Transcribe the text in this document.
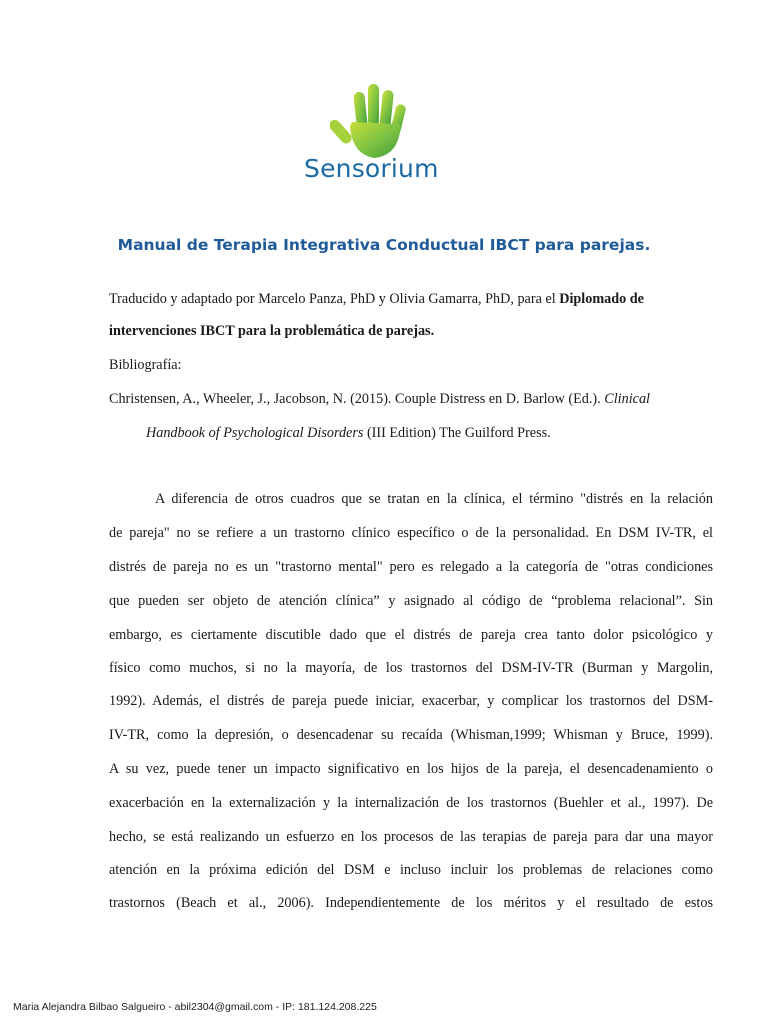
Sensorium
Manual de Terapia Integrativa Conductual IBCT para parejas.
Traducido y adaptado por Marcelo Panza, PhD y Olivia Gamarra, PhD, para el Diplomado de
intervenciones IBCT para la problemática de parejas.
Bibliografía:
Christensen, A., Wheeler, J., Jacobson, N. (2015). Couple Distress en D. Barlow (Ed.). Clinical
Handbook of Psychological Disorders (III Edition) The Guilford Press.
A diferencia de otros cuadros que se tratan en la clínica, el término "distrés en la relación
de pareja" no se refiere a un trastorno clínico específico o de la personalidad. En DSM IV-TR, el
distrés de pareja no es un "trastorno mental" pero es relegado a la categoría de "otras condiciones
que pueden ser objeto de atención clínica” y asignado al código de “problema relacional”. Sin
embargo, es ciertamente discutible dado que el distrés de pareja crea tanto dolor psicológico y
físico como muchos, si no la mayoría, de los trastornos del DSM-IV-TR (Burman y Margolin,
1992). Además, el distrés de pareja puede iniciar, exacerbar, y complicar los trastornos del DSM-
IV-TR, como la depresión, o desencadenar su recaída (Whisman,1999; Whisman y Bruce, 1999).
A su vez, puede tener un impacto significativo en los hijos de la pareja, el desencadenamiento o
exacerbación en la externalización y la internalización de los trastornos (Buehler et al., 1997). De
hecho, se está realizando un esfuerzo en los procesos de las terapias de pareja para dar una mayor
atención en la próxima edición del DSM e incluso incluir los problemas de relaciones como
trastornos (Beach et al., 2006). Independientemente de los méritos y el resultado de estos
Maria Alejandra Bilbao Salgueiro - abil2304@gmail.com - IP: 181.124.208.225
